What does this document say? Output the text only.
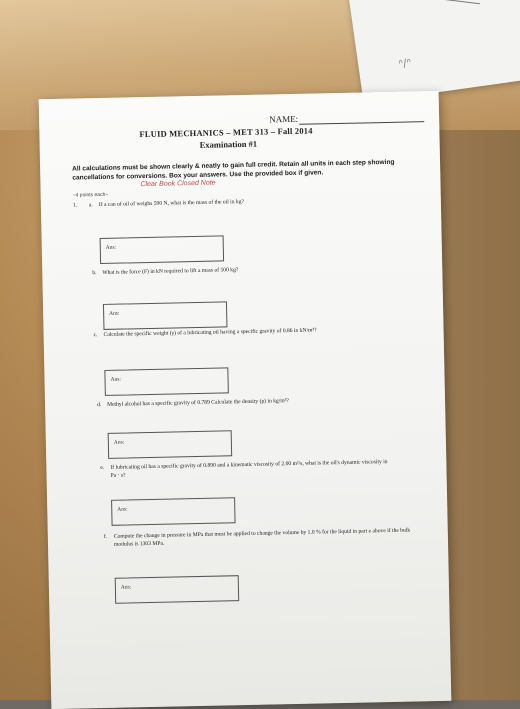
ᐢ/ᐢ
NAME:
FLUID MECHANICS – MET 313 – Fall 2014
Examination #1
All calculations must be shown clearly & neatly to gain full credit. Retain all units in each step showing cancellations for conversions. Box your answers. Use the provided box if given.
Clear Book Closed Note
~4 points each~
1.	a.	If a can of oil of weighs 590 N, what is the mass of the oil in kg?
Ans:
b.	What is the force (F) in kN required to lift a mass of 500 kg?
Ans:
c.	Calculate the specific weight (γ) of a lubricating oil having a specific gravity of 0.86 in kN/m³?
Ans:
d.	Methyl alcohol has a specific gravity of 0.789 Calculate the density (ρ) in kg/m³?
Ans:
e.	If lubricating oil has a specific gravity of 0.890 and a kinematic viscosity of 2.00 m²/s, what is the oil's dynamic viscosity in Pa · s?
Ans:
f.	Compute the change in pressure in MPa that must be applied to change the volume by 1.0 % for the liquid in part e above if the bulk modulus is 1303 MPa.
Ans:
